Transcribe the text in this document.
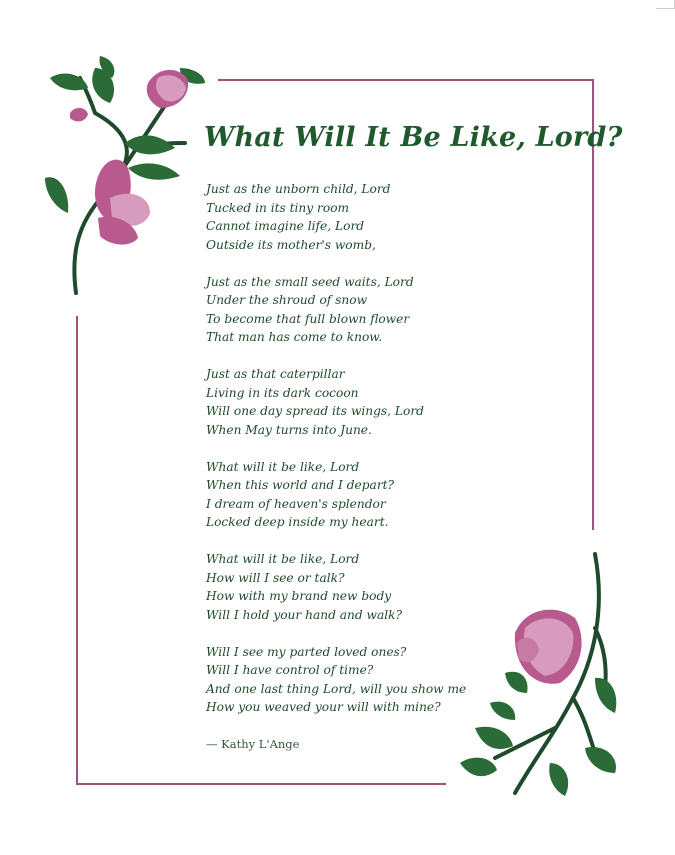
What Will It Be Like, Lord?
Just as the unborn child, Lord
Tucked in its tiny room
Cannot imagine life, Lord
Outside its mother's womb,
Just as the small seed waits, Lord
Under the shroud of snow
To become that full blown flower
That man has come to know.
Just as that caterpillar
Living in its dark cocoon
Will one day spread its wings, Lord
When May turns into June.
What will it be like, Lord
When this world and I depart?
I dream of heaven's splendor
Locked deep inside my heart.
What will it be like, Lord
How will I see or talk?
How with my brand new body
Will I hold your hand and walk?
Will I see my parted loved ones?
Will I have control of time?
And one last thing Lord, will you show me
How you weaved your will with mine?
— Kathy L'Ange
